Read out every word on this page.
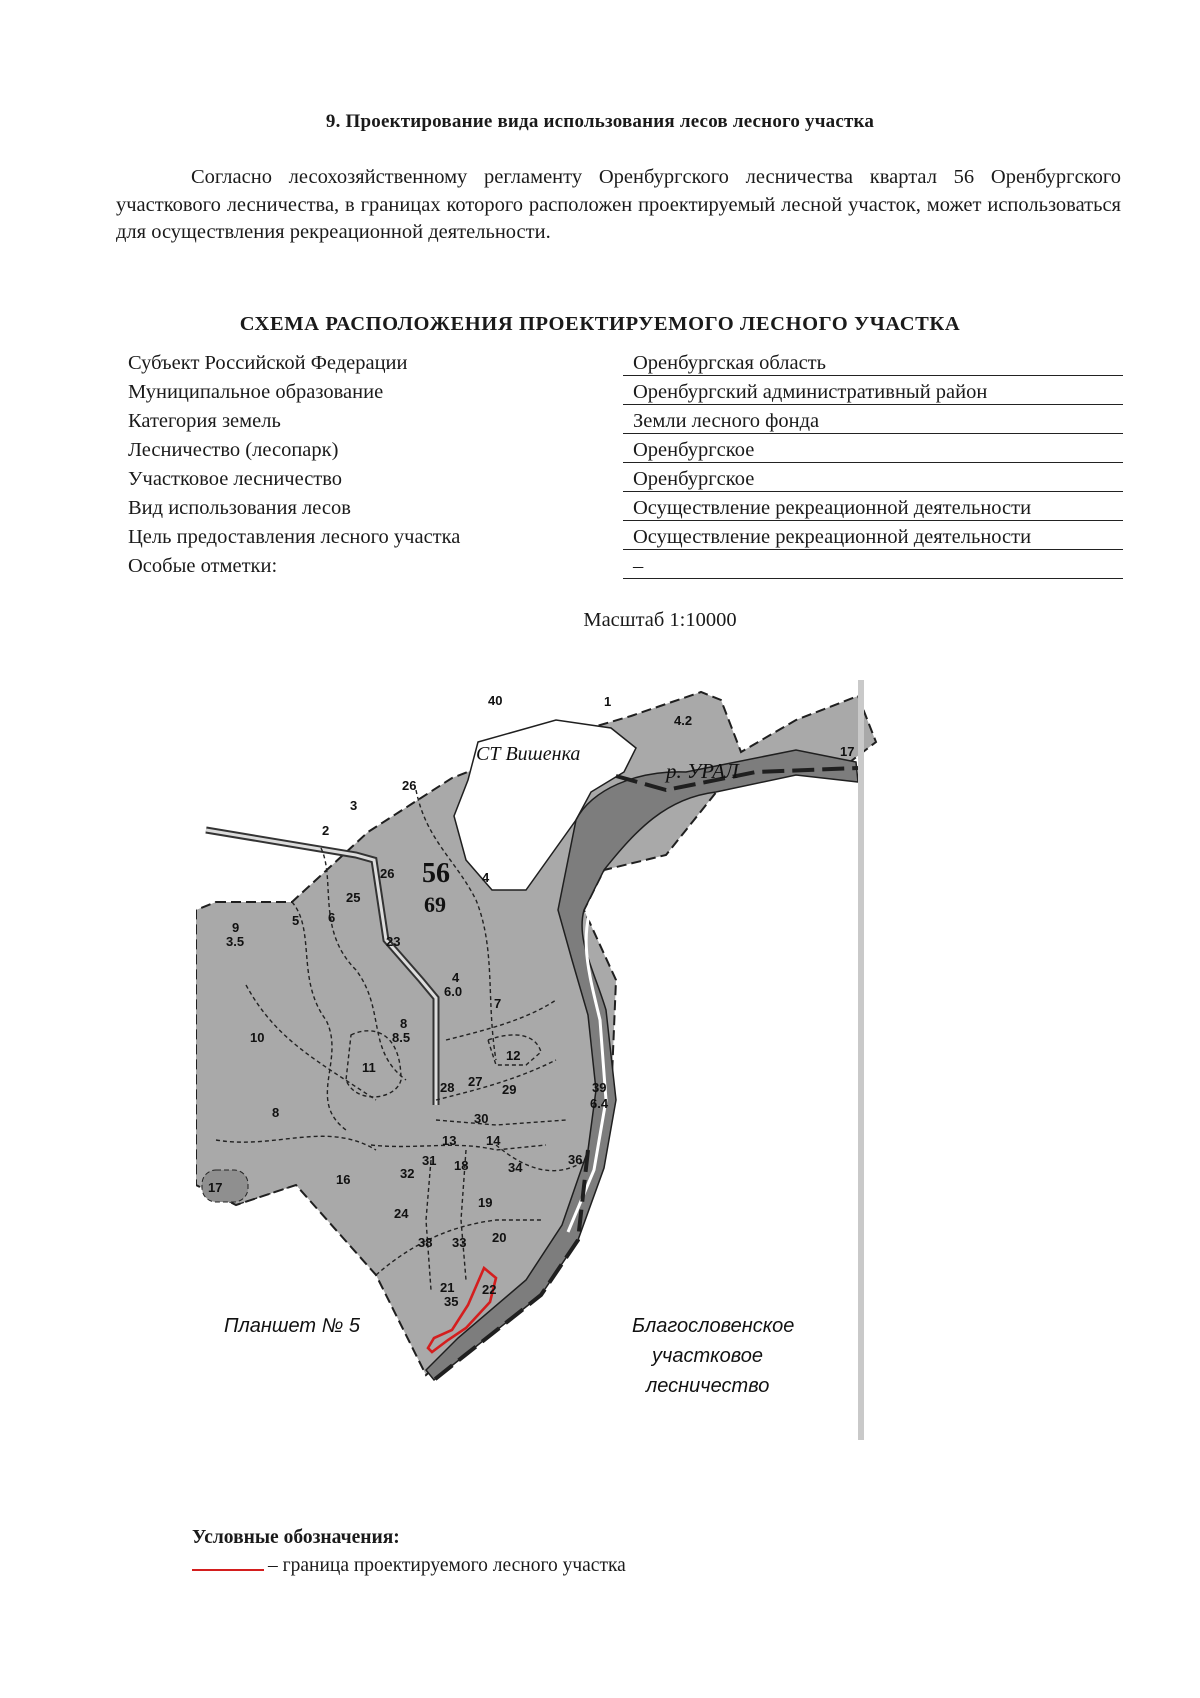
9. Проектирование вида использования лесов лесного участка
Согласно лесохозяйственному регламенту Оренбургского лесничества квартал 56 Оренбургского участкового лесничества, в границах которого расположен проектируемый лесной участок, может использоваться для осуществления рекреационной деятельности.
СХЕМА РАСПОЛОЖЕНИЯ ПРОЕКТИРУЕМОГО ЛЕСНОГО УЧАСТКА
Субъект Российской Федерации	Оренбургская область
Муниципальное образование	Оренбургский административный район
Категория земель	Земли лесного фонда
Лесничество (лесопарк)	Оренбургское
Участковое лесничество	Оренбургское
Вид использования лесов	Осуществление рекреационной деятельности
Цель предоставления лесного участка	Осуществление рекреационной деятельности
Особые отметки:	–
Масштаб 1:10000
СТ Вишенка
р. УРАЛ
56
69
Планшет № 5	Благословенское
участковое
лесничество
40	1
4.2
17
2
3
26
26	4
25
5 6
9
3.5	23
4
6.0
7
10
8
8.5
12
11
28 27
29	39
6.4
8	30
13 14
31 18
16	32	34
36
17
19
24
38 33 20
21
35
22
Условные обозначения:
– граница проектируемого лесного участка
